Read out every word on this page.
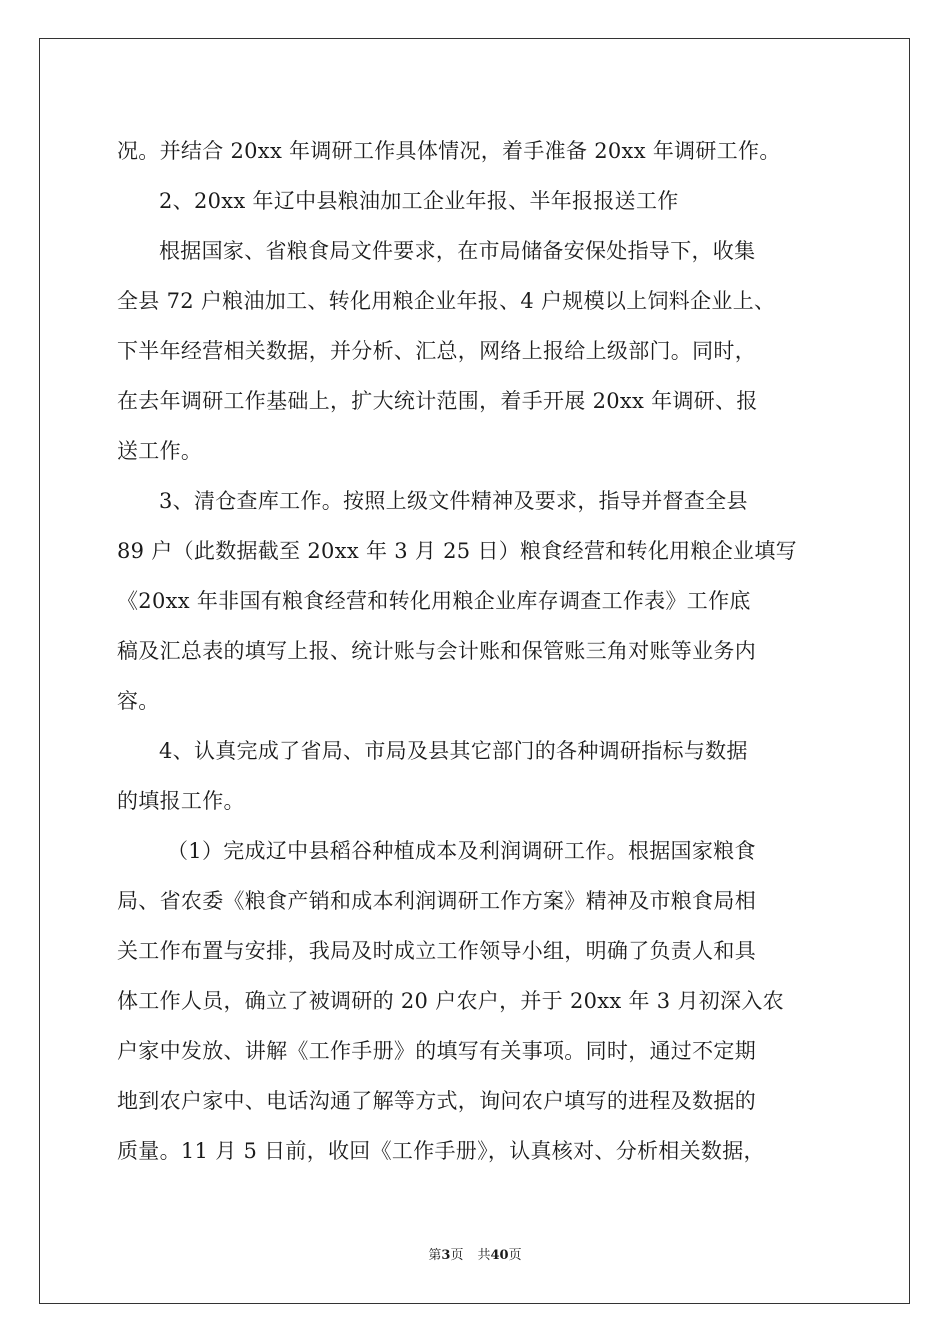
况。并结合 20xx 年调研工作具体情况，着手准备 20xx 年调研工作。
2、20xx 年辽中县粮油加工企业年报、半年报报送工作
根据国家、省粮食局文件要求，在市局储备安保处指导下，收集
全县 72 户粮油加工、转化用粮企业年报、4 户规模以上饲料企业上、
下半年经营相关数据，并分析、汇总，网络上报给上级部门。同时，
在去年调研工作基础上，扩大统计范围，着手开展 20xx 年调研、报
送工作。
3、清仓查库工作。按照上级文件精神及要求，指导并督查全县
89 户（此数据截至 20xx 年 3 月 25 日）粮食经营和转化用粮企业填写
《20xx 年非国有粮食经营和转化用粮企业库存调查工作表》工作底
稿及汇总表的填写上报、统计账与会计账和保管账三角对账等业务内
容。
4、认真完成了省局、市局及县其它部门的各种调研指标与数据
的填报工作。
（1）完成辽中县稻谷种植成本及利润调研工作。根据国家粮食
局、省农委《粮食产销和成本利润调研工作方案》精神及市粮食局相
关工作布置与安排，我局及时成立工作领导小组，明确了负责人和具
体工作人员，确立了被调研的 20 户农户，并于 20xx 年 3 月初深入农
户家中发放、讲解《工作手册》的填写有关事项。同时，通过不定期
地到农户家中、电话沟通了解等方式，询问农户填写的进程及数据的
质量。11 月 5 日前，收回《工作手册》，认真核对、分析相关数据，
第3页 共40页
